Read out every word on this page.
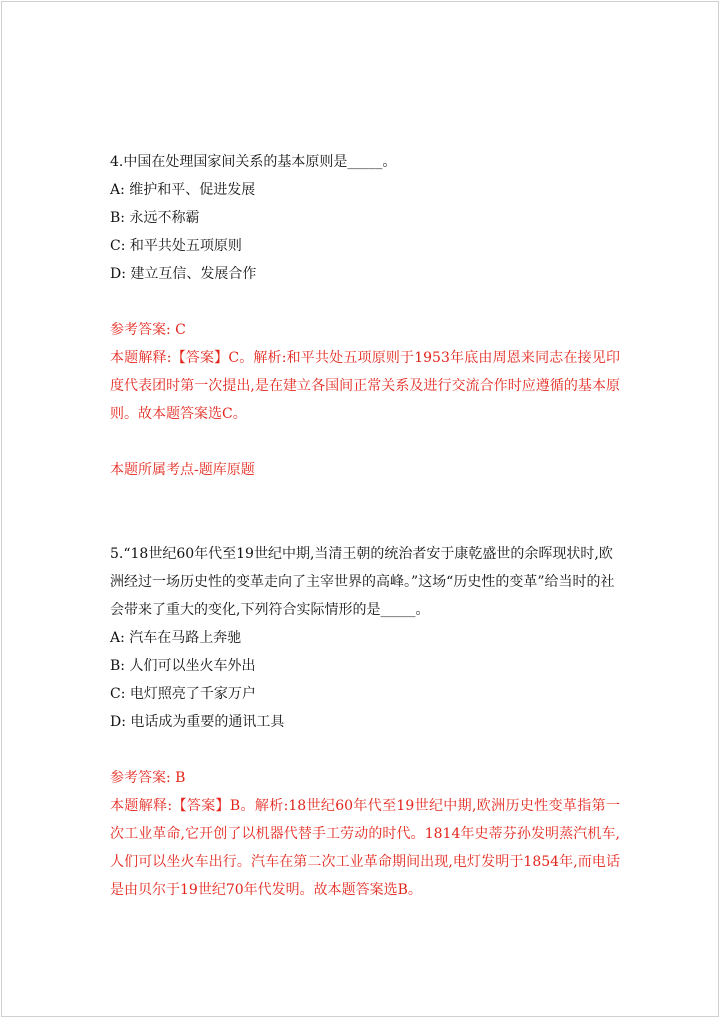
4.中国在处理国家间关系的基本原则是_____。

A: 维护和平、促进发展

B: 永远不称霸

C: 和平共处五项原则

D: 建立互信、发展合作

参考答案: C

本题解释:【答案】C。解析:和平共处五项原则于1953年底由周恩来同志在接见印度代表团时第一次提出,是在建立各国间正常关系及进行交流合作时应遵循的基本原则。故本题答案选C。

本题所属考点-题库原题

5.“18世纪60年代至19世纪中期,当清王朝的统治者安于康乾盛世的余晖现状时,欧洲经过一场历史性的变革走向了主宰世界的高峰。”这场“历史性的变革”给当时的社会带来了重大的变化,下列符合实际情形的是_____。

A: 汽车在马路上奔驰

B: 人们可以坐火车外出

C: 电灯照亮了千家万户

D: 电话成为重要的通讯工具

参考答案: B

本题解释:【答案】B。解析:18世纪60年代至19世纪中期,欧洲历史性变革指第一次工业革命,它开创了以机器代替手工劳动的时代。1814年史蒂芬孙发明蒸汽机车,人们可以坐火车出行。汽车在第二次工业革命期间出现,电灯发明于1854年,而电话是由贝尔于19世纪70年代发明。故本题答案选B。
